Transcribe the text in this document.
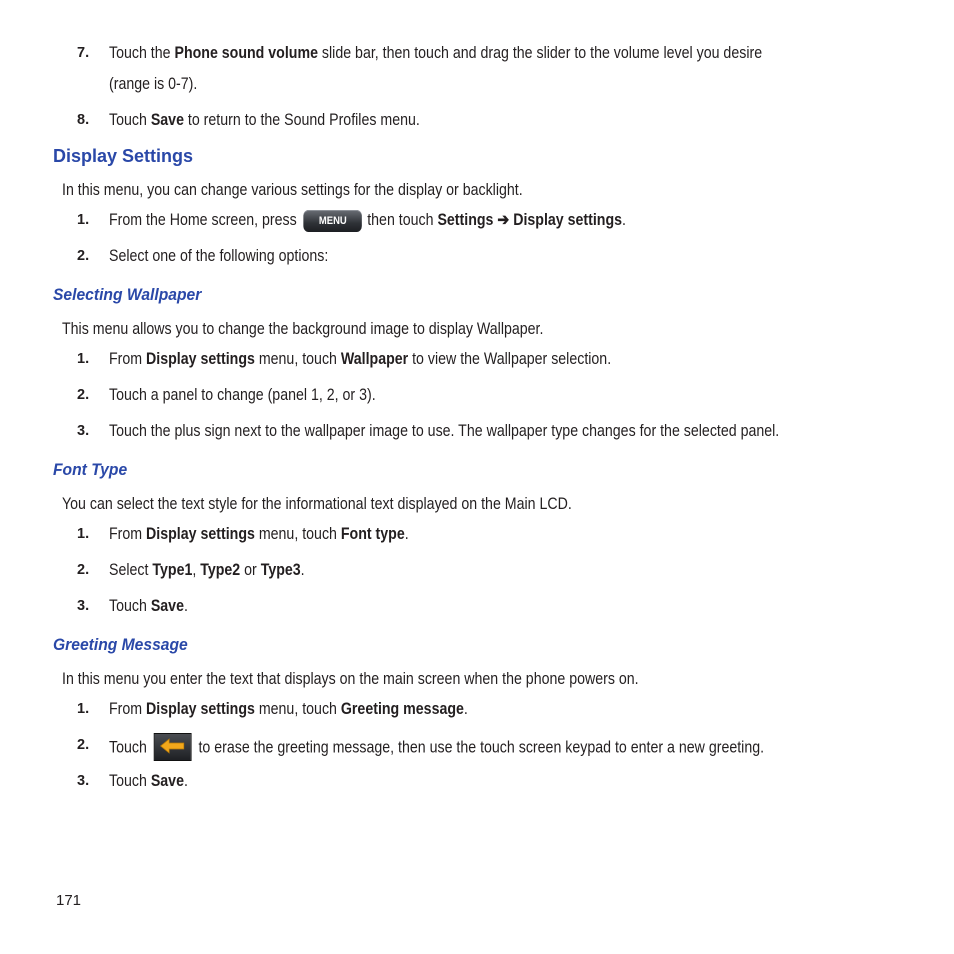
7. Touch the Phone sound volume slide bar, then touch and drag the slider to the volume level you desire
(range is 0-7).
8. Touch Save to return to the Sound Profiles menu.
Display Settings
In this menu, you can change various settings for the display or backlight.
1. From the Home screen, press MENU then touch Settings ➔ Display settings.
2. Select one of the following options:
Selecting Wallpaper
This menu allows you to change the background image to display Wallpaper.
1. From Display settings menu, touch Wallpaper to view the Wallpaper selection.
2. Touch a panel to change (panel 1, 2, or 3).
3. Touch the plus sign next to the wallpaper image to use. The wallpaper type changes for the selected panel.
Font Type
You can select the text style for the informational text displayed on the Main LCD.
1. From Display settings menu, touch Font type.
2. Select Type1, Type2 or Type3.
3. Touch Save.
Greeting Message
In this menu you enter the text that displays on the main screen when the phone powers on.
1. From Display settings menu, touch Greeting message.
2. Touch	to erase the greeting message, then use the touch screen keypad to enter a new greeting.
3. Touch Save.
171
